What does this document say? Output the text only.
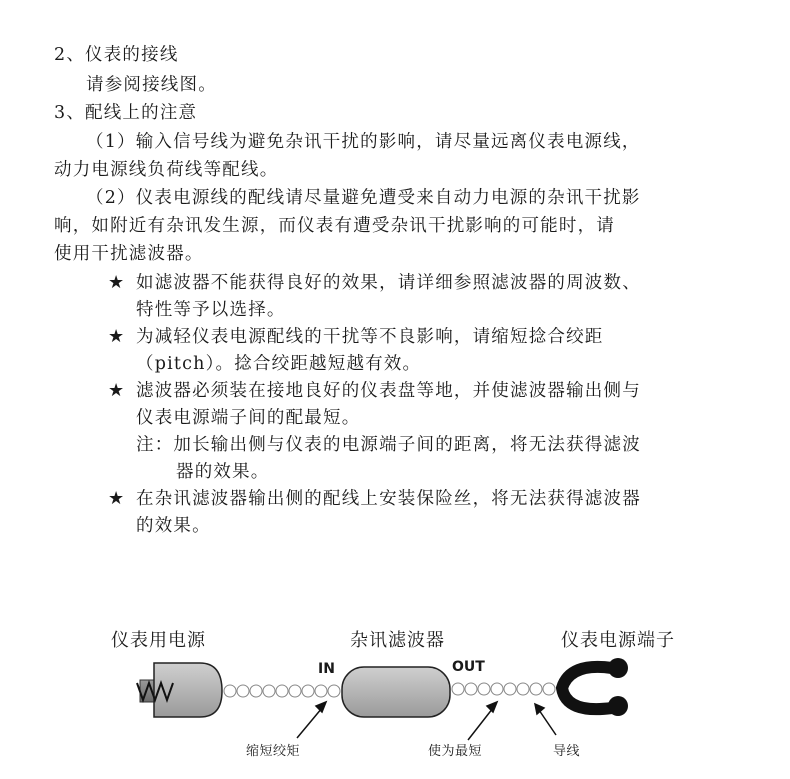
2、仪表的接线
请参阅接线图。
3、配线上的注意
（1）输入信号线为避免杂讯干扰的影响，请尽量远离仪表电源线，
动力电源线负荷线等配线。
（2）仪表电源线的配线请尽量避免遭受来自动力电源的杂讯干扰影
响，如附近有杂讯发生源，而仪表有遭受杂讯干扰影响的可能时，请
使用干扰滤波器。
★ 如滤波器不能获得良好的效果，请详细参照滤波器的周波数、
特性等予以选择。
★ 为减轻仪表电源配线的干扰等不良影响，请缩短捻合绞距
（pitch）。捻合绞距越短越有效。
★ 滤波器必须装在接地良好的仪表盘等地，并使滤波器输出侧与
仪表电源端子间的配最短。
注：加长输出侧与仪表的电源端子间的距离，将无法获得滤波
器的效果。
★ 在杂讯滤波器输出侧的配线上安装保险丝，将无法获得滤波器
的效果。
仪表用电源	杂讯滤波器	仪表电源端子
IN	OUT
缩短绞矩	使为最短	导线
